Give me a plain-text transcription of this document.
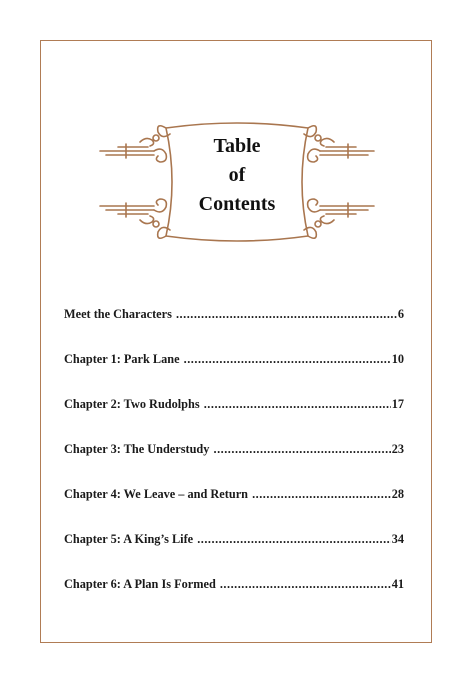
Table
of
Contents
Meet the Characters .....	6
Chapter 1: Park Lane .....	10
Chapter 2: Two Rudolphs .....	17
Chapter 3: The Understudy .....	23
Chapter 4: We Leave – and Return .....	28
Chapter 5: A King’s Life .....	34
Chapter 6: A Plan Is Formed .....	41
